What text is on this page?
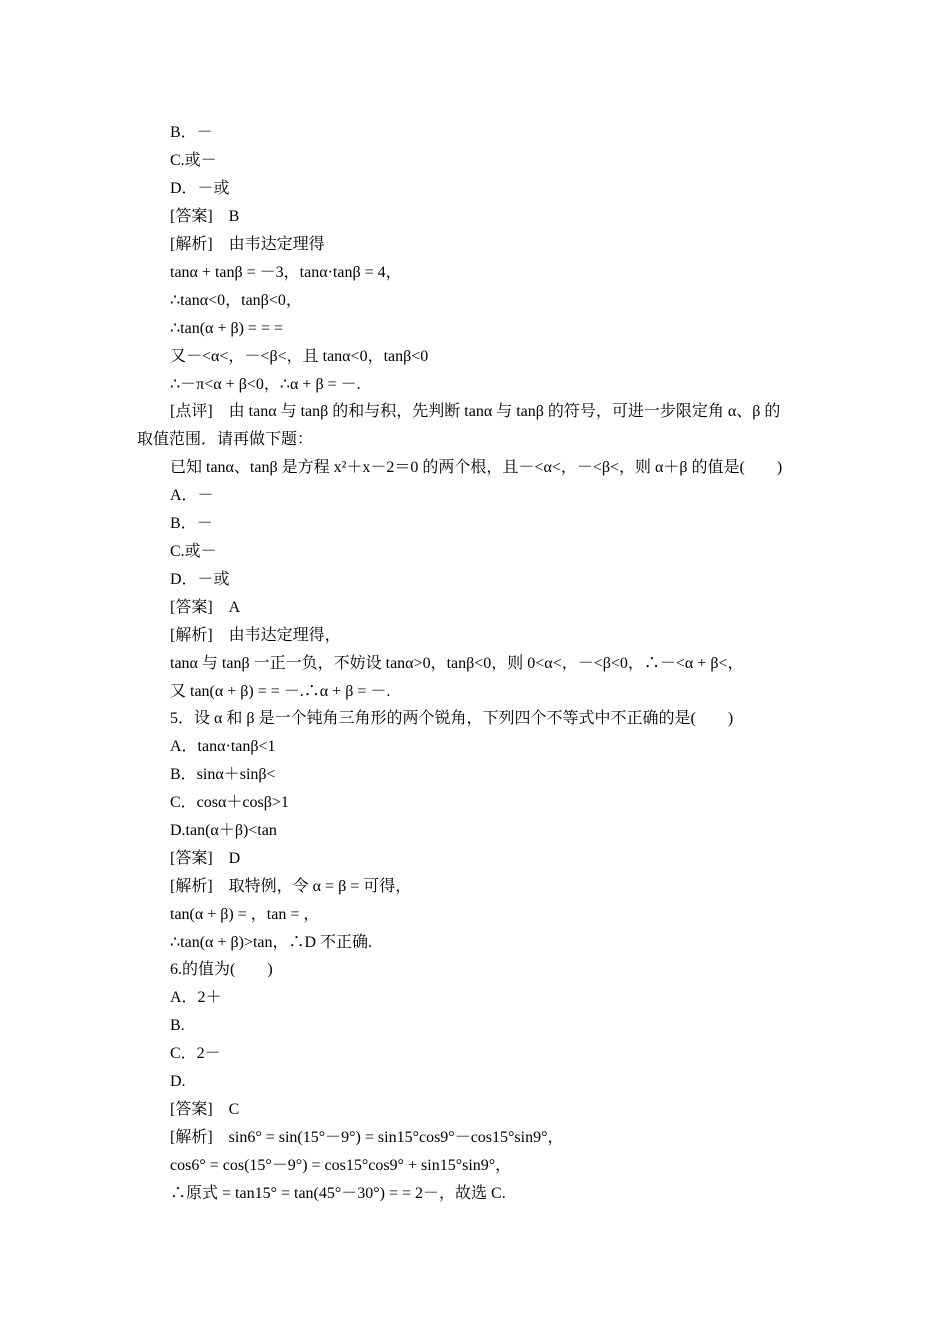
B．－
C.或－
D．－或
[答案]　B
[解析]　由韦达定理得
tanα + tanβ = －3，tanα·tanβ = 4，
∴tanα<0，tanβ<0，
∴tan(α + β) = = =
又－<α<，－<β<，且 tanα<0，tanβ<0
∴－π<α + β<0，∴α + β = －.
[点评]　由 tanα 与 tanβ 的和与积，先判断 tanα 与 tanβ 的符号，可进一步限定角 α、β 的
取值范围．请再做下题：
已知 tanα、tanβ 是方程 x²＋x－2＝0 的两个根，且－<α<，－<β<，则 α＋β 的值是(　　)
A．－
B．－
C.或－
D．－或
[答案]　A
[解析]　由韦达定理得，
tanα 与 tanβ 一正一负，不妨设 tanα>0，tanβ<0，则 0<α<，－<β<0，∴－<α + β<，
又 tan(α + β) = = －.∴α + β = －.
5．设 α 和 β 是一个钝角三角形的两个锐角，下列四个不等式中不正确的是(　　)
A．tanα·tanβ<1
B．sinα＋sinβ<
C．cosα＋cosβ>1
D.tan(α＋β)<tan
[答案]　D
[解析]　取特例，令 α = β = 可得，
tan(α + β) = ，tan = ，
∴tan(α + β)>tan，∴D 不正确.
6.的值为(　　)
A．2＋
B.
C．2－
D.
[答案]　C
[解析]　sin6° = sin(15°－9°) = sin15°cos9°－cos15°sin9°，
cos6° = cos(15°－9°) = cos15°cos9° + sin15°sin9°，
∴原式 = tan15° = tan(45°－30°) = = 2－，故选 C.
